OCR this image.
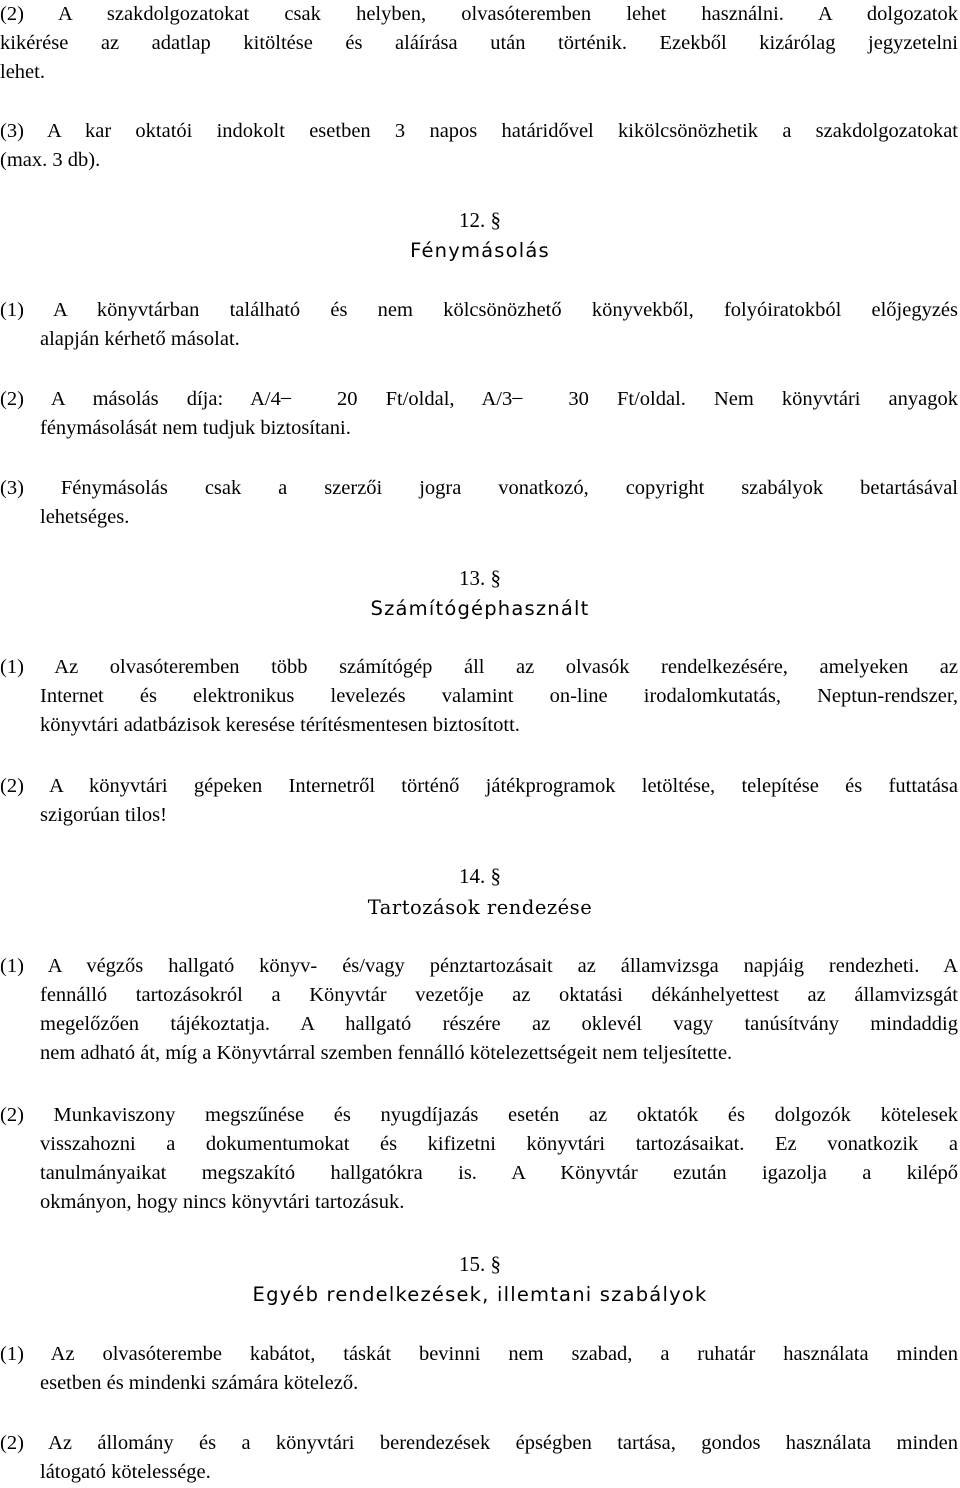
(2) A szakdolgozatokat csak helyben, olvasóteremben lehet használni. A dolgozatok
kikérése az adatlap kitöltése és aláírása után történik. Ezekből kizárólag jegyzetelni
lehet.
(3) A kar oktatói indokolt esetben 3 napos határidővel kikölcsönözhetik a szakdolgozatokat
(max. 3 db).
12. §
Fénymásolás
(1) A könyvtárban található és nem kölcsönözhető könyvekből, folyóiratokból előjegyzés
alapján kérhető másolat.
(2) A másolás díja: A/4 ̶ 20 Ft/oldal, A/3 ̶ 30 Ft/oldal. Nem könyvtári anyagok
fénymásolását nem tudjuk biztosítani.
(3) Fénymásolás csak a szerzői jogra vonatkozó, copyright szabályok betartásával
lehetséges.
13. §
Számítógéphasznált
(1) Az olvasóteremben több számítógép áll az olvasók rendelkezésére, amelyeken az
Internet és elektronikus levelezés valamint on-line irodalomkutatás, Neptun-rendszer,
könyvtári adatbázisok keresése térítésmentesen biztosított.
(2) A könyvtári gépeken Internetről történő játékprogramok letöltése, telepítése és futtatása
szigorúan tilos!
14. §
Tartozások rendezése
(1) A végzős hallgató könyv- és/vagy pénztartozásait az államvizsga napjáig rendezheti. A
fennálló tartozásokról a Könyvtár vezetője az oktatási dékánhelyettest az államvizsgát
megelőzően tájékoztatja. A hallgató részére az oklevél vagy tanúsítvány mindaddig
nem adható át, míg a Könyvtárral szemben fennálló kötelezettségeit nem teljesítette.
(2) Munkaviszony megszűnése és nyugdíjazás esetén az oktatók és dolgozók kötelesek
visszahozni a dokumentumokat és kifizetni könyvtári tartozásaikat. Ez vonatkozik a
tanulmányaikat megszakító hallgatókra is. A Könyvtár ezután igazolja a kilépő
okmányon, hogy nincs könyvtári tartozásuk.
15. §
Egyéb rendelkezések, illemtani szabályok
(1) Az olvasóterembe kabátot, táskát bevinni nem szabad, a ruhatár használata minden
esetben és mindenki számára kötelező.
(2) Az állomány és a könyvtári berendezések épségben tartása, gondos használata minden
látogató kötelessége.
